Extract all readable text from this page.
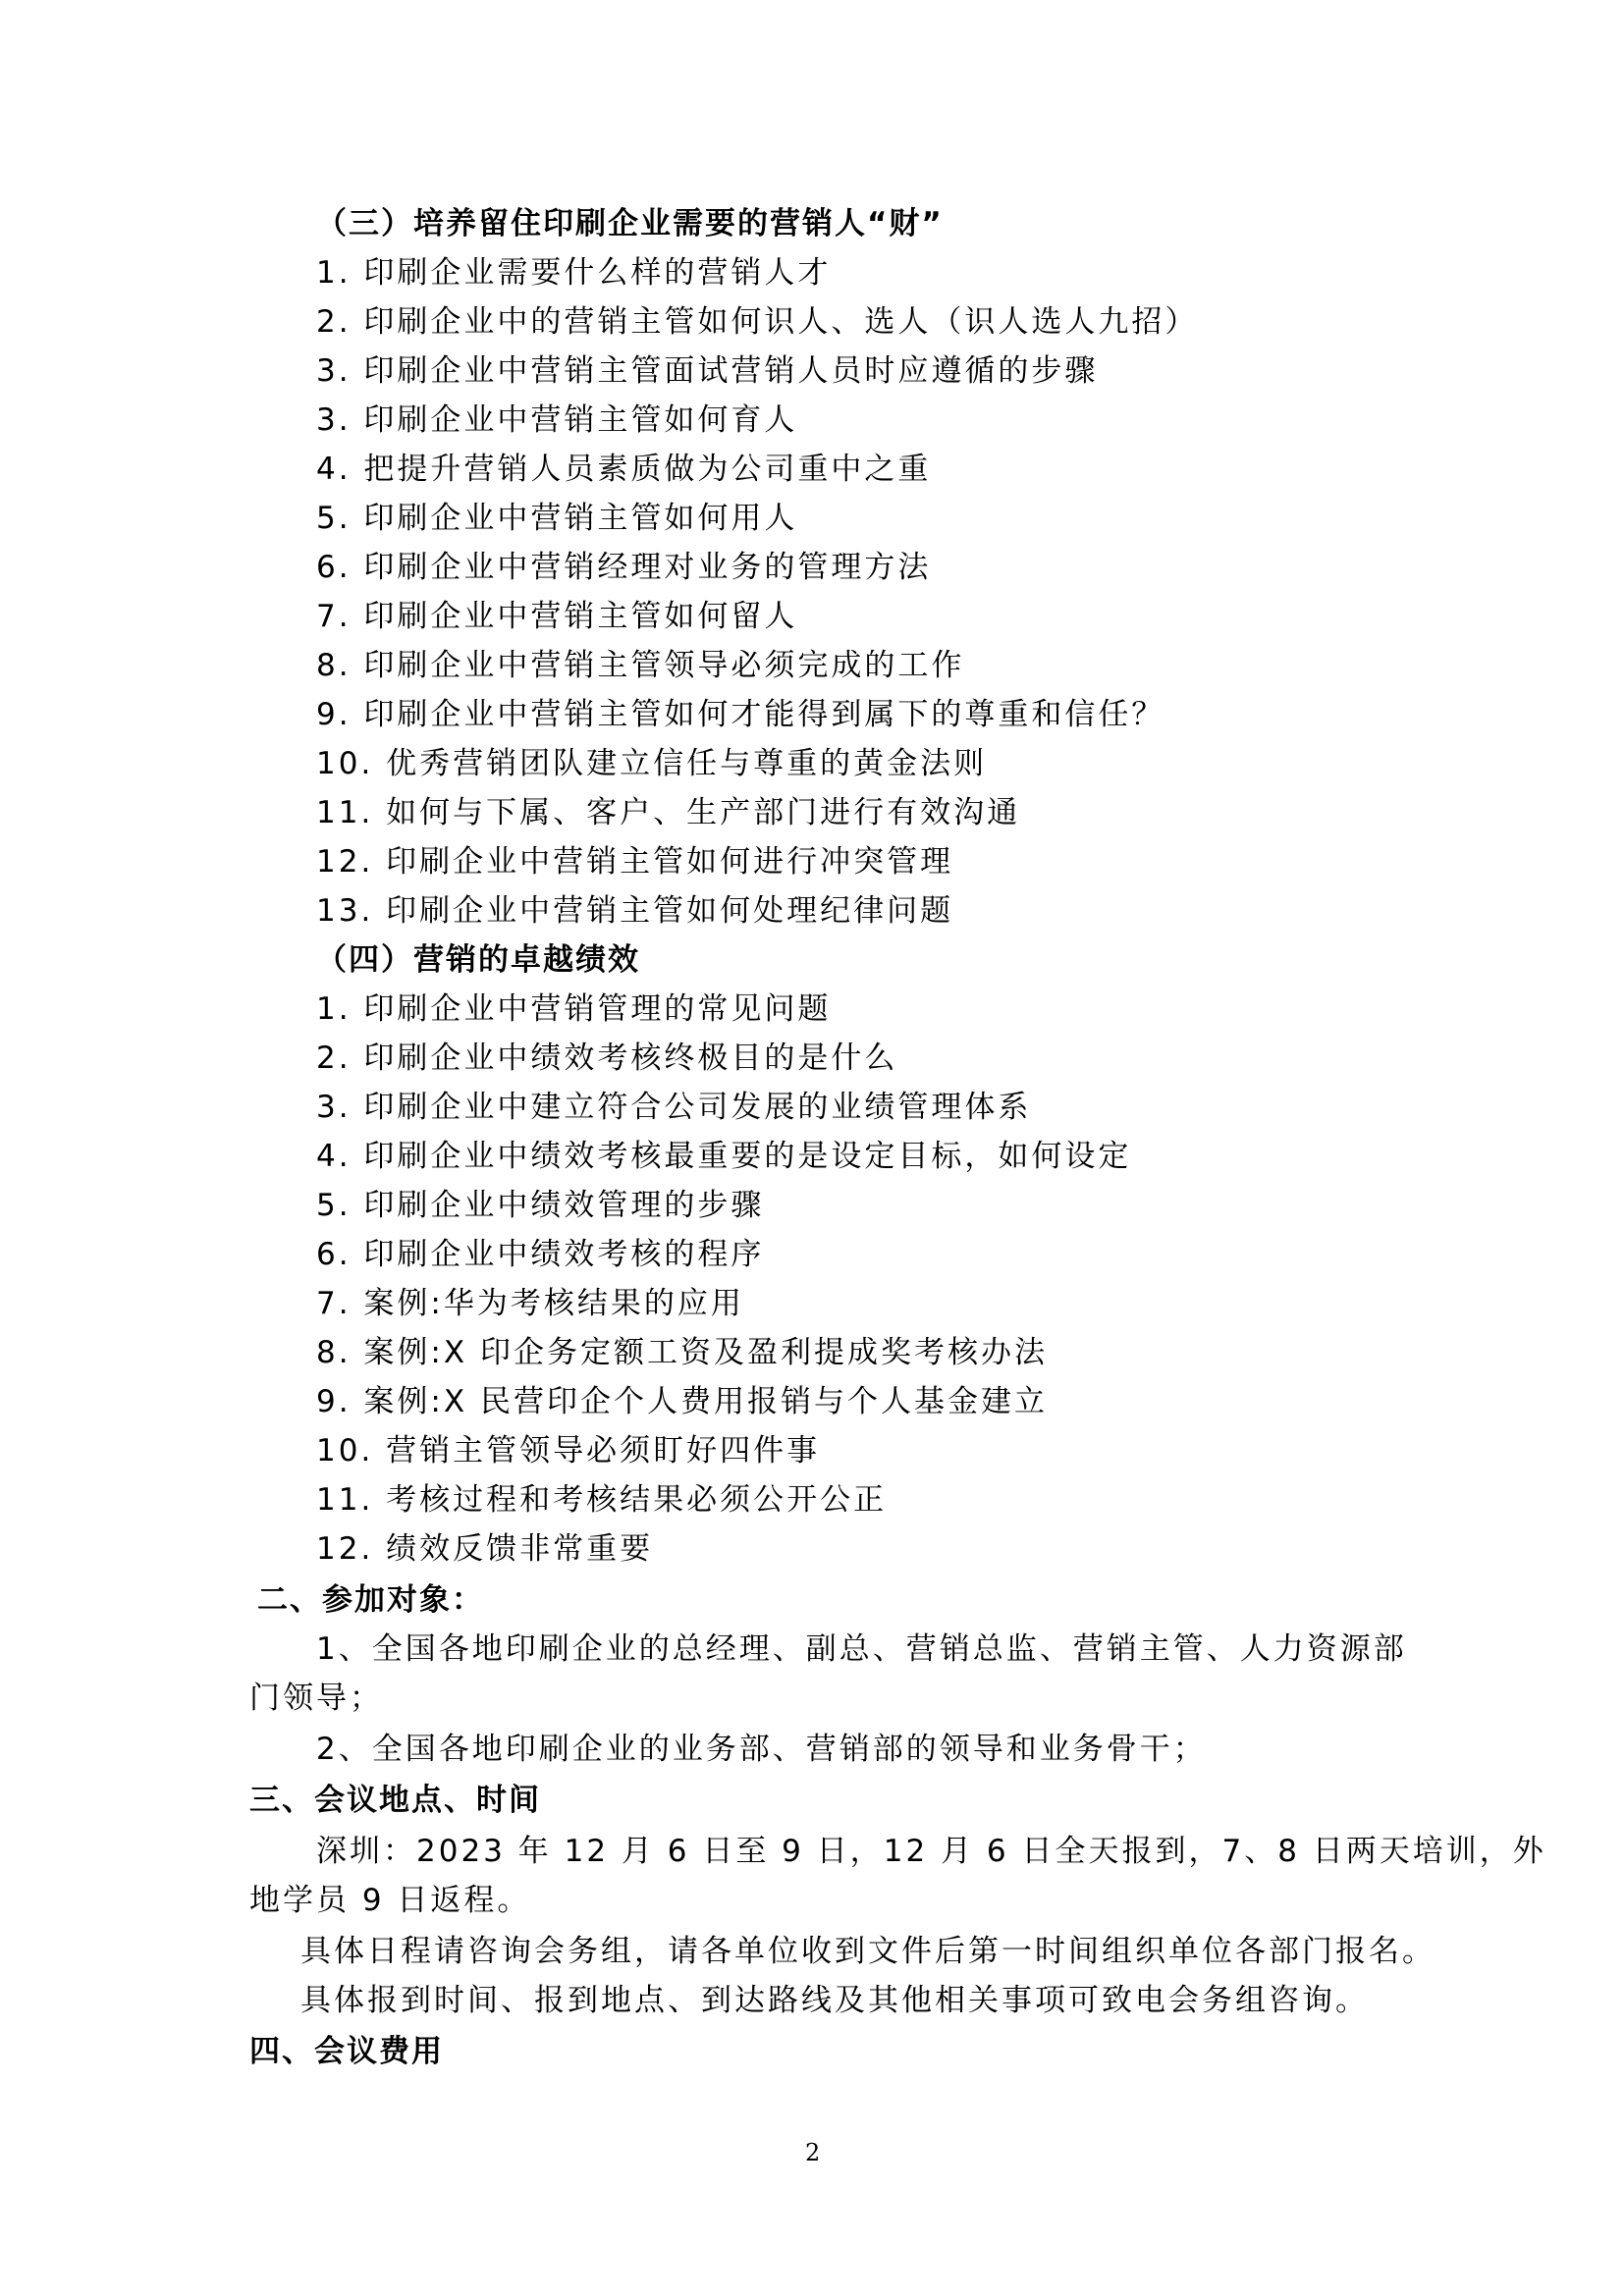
（三）培养留住印刷企业需要的营销人“财”
1. 印刷企业需要什么样的营销人才
2. 印刷企业中的营销主管如何识人、选人（识人选人九招）
3. 印刷企业中营销主管面试营销人员时应遵循的步骤
3. 印刷企业中营销主管如何育人
4. 把提升营销人员素质做为公司重中之重
5. 印刷企业中营销主管如何用人
6. 印刷企业中营销经理对业务的管理方法
7. 印刷企业中营销主管如何留人
8. 印刷企业中营销主管领导必须完成的工作
9. 印刷企业中营销主管如何才能得到属下的尊重和信任？
10. 优秀营销团队建立信任与尊重的黄金法则
11. 如何与下属、客户、生产部门进行有效沟通
12. 印刷企业中营销主管如何进行冲突管理
13. 印刷企业中营销主管如何处理纪律问题
（四）营销的卓越绩效
1. 印刷企业中营销管理的常见问题
2. 印刷企业中绩效考核终极目的是什么
3. 印刷企业中建立符合公司发展的业绩管理体系
4. 印刷企业中绩效考核最重要的是设定目标，如何设定
5. 印刷企业中绩效管理的步骤
6. 印刷企业中绩效考核的程序
7. 案例:华为考核结果的应用
8. 案例:X 印企务定额工资及盈利提成奖考核办法
9. 案例:X 民营印企个人费用报销与个人基金建立
10. 营销主管领导必须盯好四件事
11. 考核过程和考核结果必须公开公正
12. 绩效反馈非常重要
二、参加对象：
1、全国各地印刷企业的总经理、副总、营销总监、营销主管、人力资源部
门领导；
2、全国各地印刷企业的业务部、营销部的领导和业务骨干；
三、会议地点、时间
深圳：2023 年 12 月 6 日至 9 日，12 月 6 日全天报到，7、8 日两天培训，外
地学员 9 日返程。
具体日程请咨询会务组，请各单位收到文件后第一时间组织单位各部门报名。
具体报到时间、报到地点、到达路线及其他相关事项可致电会务组咨询。
四、会议费用
2
